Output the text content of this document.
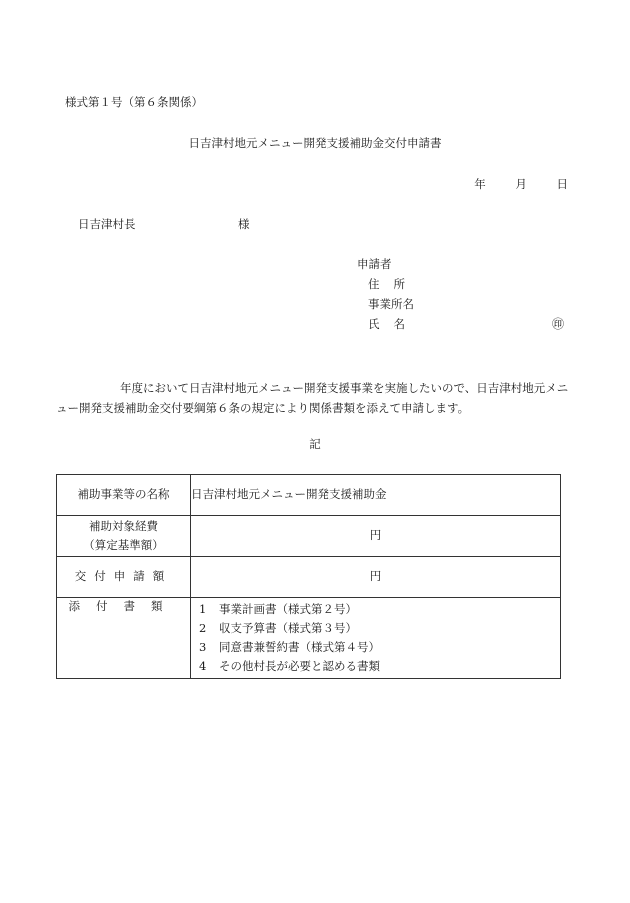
様式第１号（第６条関係）
日吉津村地元メニュー開発支援補助金交付申請書
年	月	日
日吉津村長	様
申請者
住所
事業所名
氏名	㊞
年度において日吉津村地元メニュー開発支援事業を実施したいので、日吉津村地元メニュー開発支援補助金交付要綱第６条の規定により関係書類を添えて申請します。
記
補助事業等の名称	日吉津村地元メニュー開発支援補助金

補助対象経費
（算定基準額）	円
交付申請額	円
添付書類	1 事業計画書（様式第２号）
2 収支予算書（様式第３号）
3 同意書兼誓約書（様式第４号）
4 その他村長が必要と認める書類
